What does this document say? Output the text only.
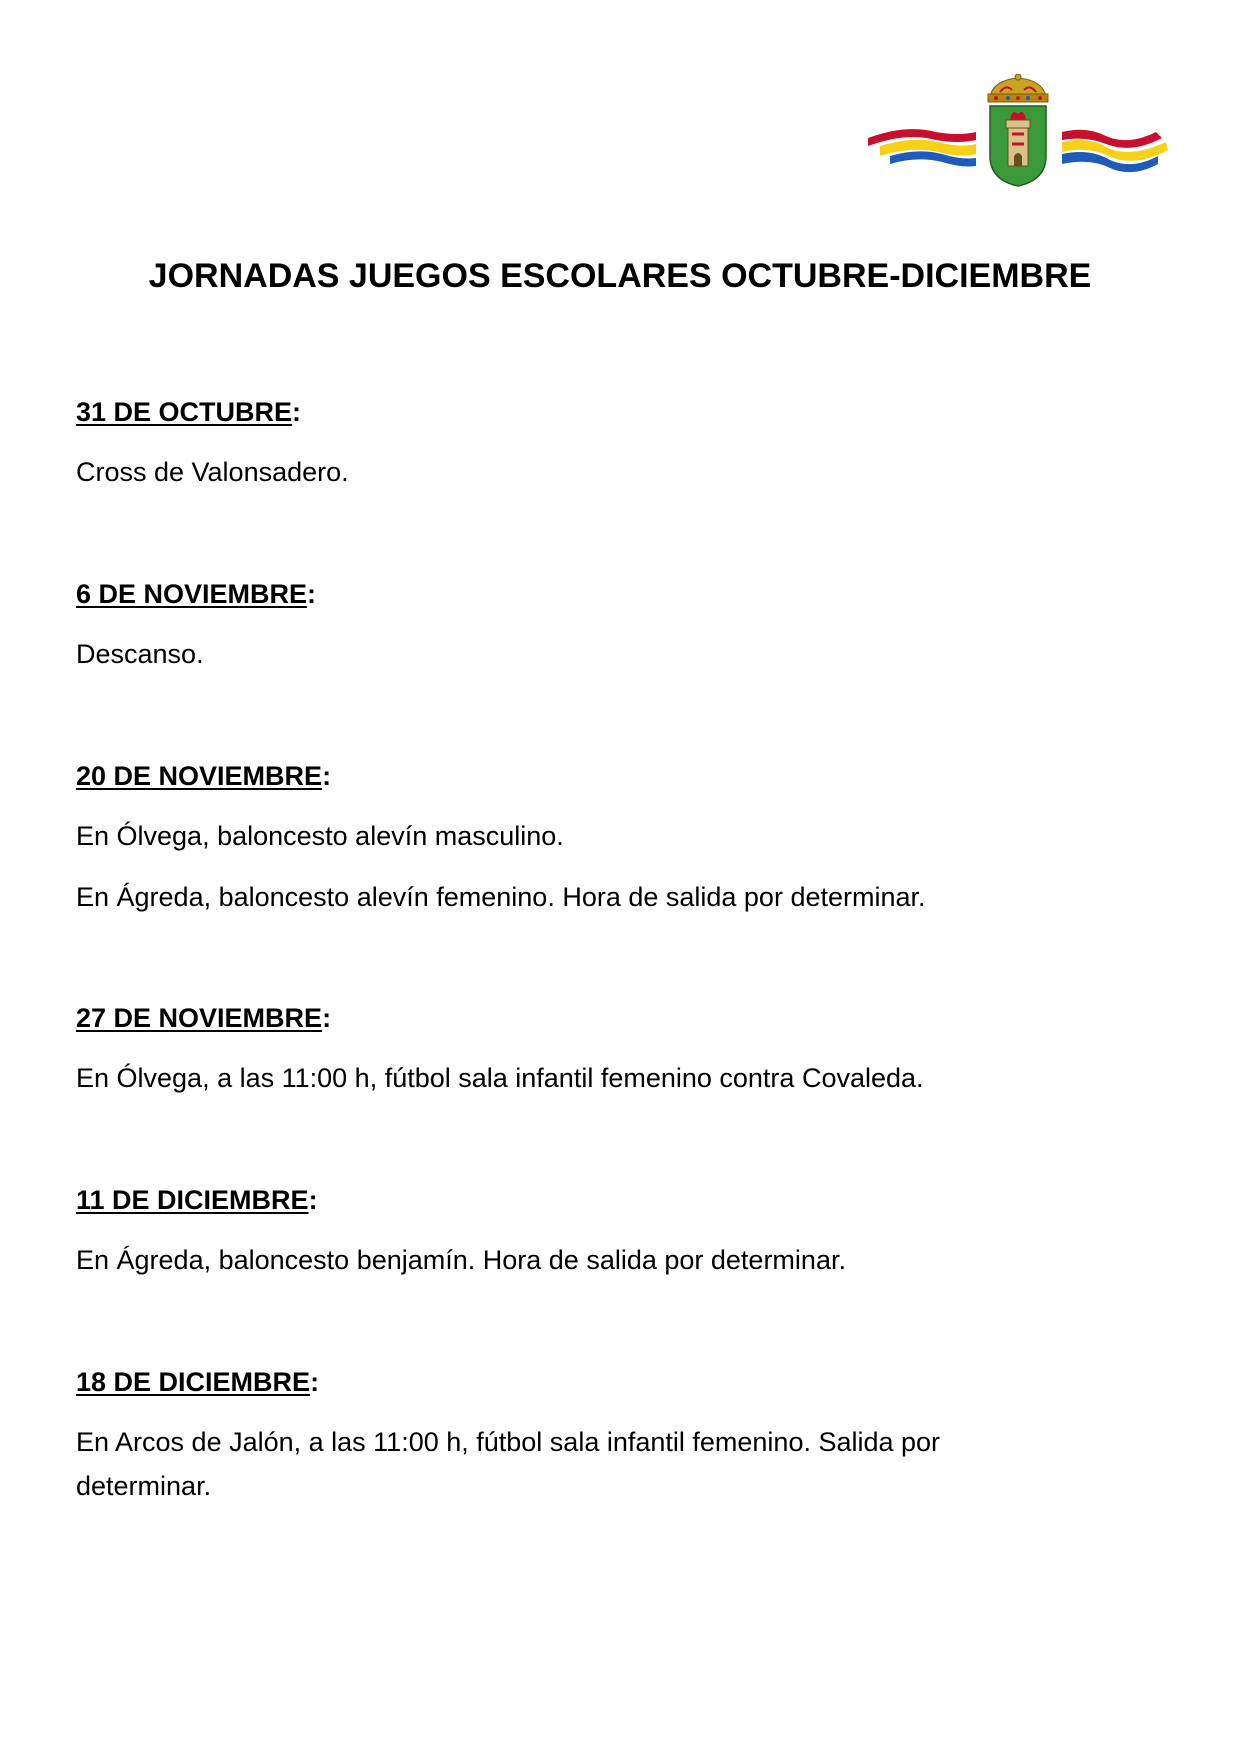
JORNADAS JUEGOS ESCOLARES OCTUBRE-DICIEMBRE

31 DE OCTUBRE:

Cross de Valonsadero.

6 DE NOVIEMBRE:

Descanso.

20 DE NOVIEMBRE:

En Ólvega, baloncesto alevín masculino.

En Ágreda, baloncesto alevín femenino. Hora de salida por determinar.

27 DE NOVIEMBRE:

En Ólvega, a las 11:00 h, fútbol sala infantil femenino contra Covaleda.

11 DE DICIEMBRE:

En Ágreda, baloncesto benjamín. Hora de salida por determinar.

18 DE DICIEMBRE:

En Arcos de Jalón, a las 11:00 h, fútbol sala infantil femenino. Salida por

determinar.
